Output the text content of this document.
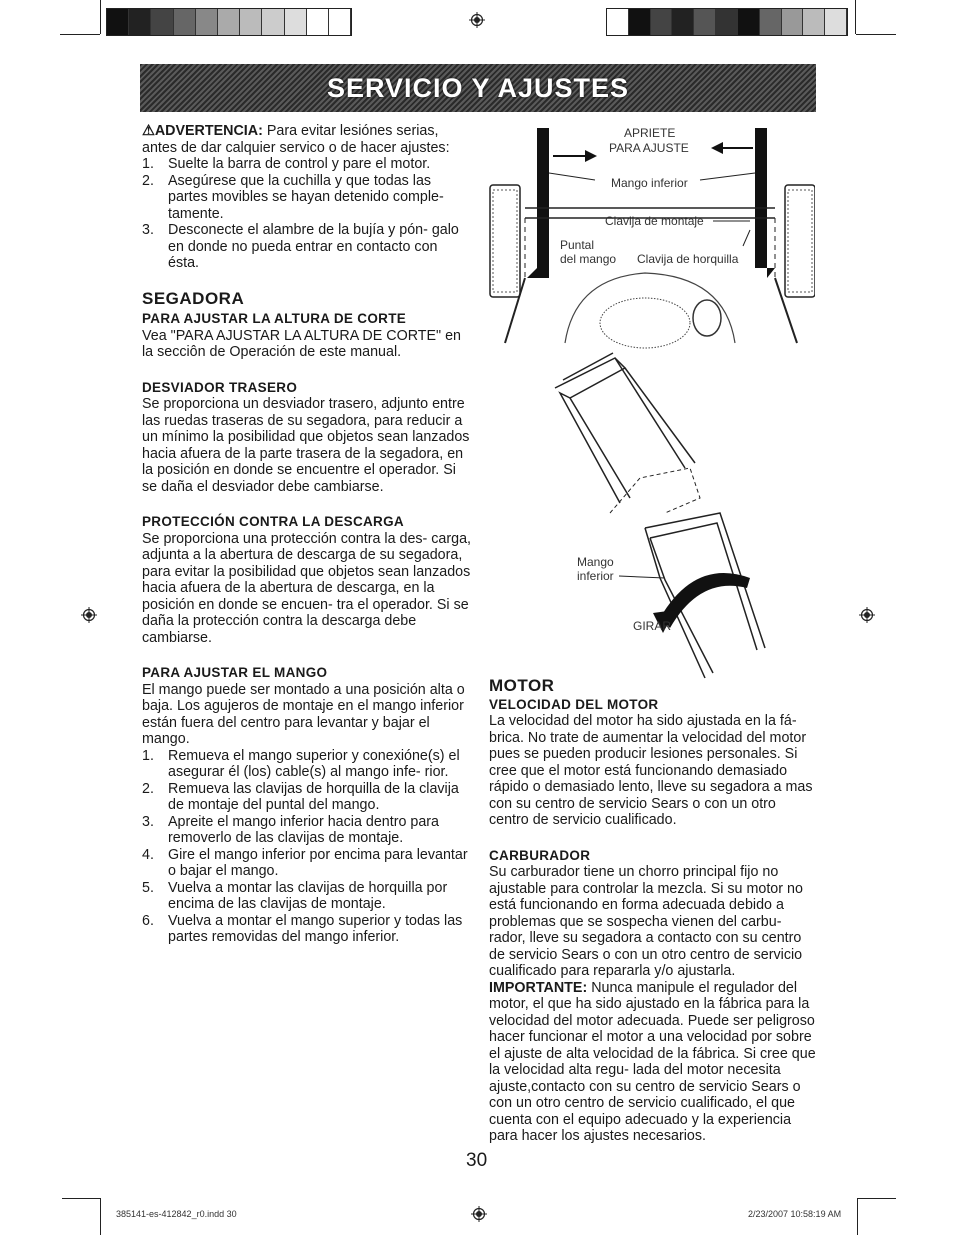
SERVICIO Y AJUSTES

⚠ADVERTENCIA: Para evitar lesiónes serias, antes de dar calquier servico o de hacer ajustes:

1. Suelte la barra de control y pare el motor.
2. Asegúrese que la cuchilla y que todas las partes movibles se hayan detenido comple- tamente.
3. Desconecte el alambre de la bujía y pón- galo en donde no pueda entrar en contacto con ésta.

SEGADORA

PARA AJUSTAR LA ALTURA DE CORTE

Vea "PARA AJUSTAR LA ALTURA DE CORTE" en la secciôn de Operación de este manual.

DESVIADOR TRASERO

Se proporciona un desviador trasero, adjunto entre las ruedas traseras de su segadora, para reducir a un mínimo la posibilidad que objetos sean lanzados hacia afuera de la parte trasera de la segadora, en la posición en donde se encuentre el operador. Si se daña el desviador debe cambiarse.

PROTECCIÓN CONTRA LA DESCARGA

Se proporciona una protección contra la des- carga, adjunta a la abertura de descarga de su segadora, para evitar la posibilidad que objetos sean lanzados hacia afuera de la abertura de descarga, en la posición en donde se encuen- tra el operador. Si se daña la protección contra la descarga debe cambiarse.

PARA AJUSTAR EL MANGO

El mango puede ser montado a una posición alta o baja. Los agujeros de montaje en el mango inferior están fuera del centro para levantar y bajar el mango.

1. Remueva el mango superior y conexióne(s) el asegurar él (los) cable(s) al mango infe- rior.
2. Remueva las clavijas de horquilla de la clavija de montaje del puntal del mango.
3. Apreite el mango inferior hacia dentro para removerlo de las clavijas de montaje.
4. Gire el mango inferior por encima para levantar o bajar el mango.
5. Vuelva a montar las clavijas de horquilla por encima de las clavijas de montaje.
6. Vuelva a montar el mango superior y todas las partes removidas del mango inferior.
APRIETE
PARA AJUSTE
Mango inferior
Clavija de montaje
Puntal
del mango Clavija de horquilla
Mango
inferior
GIRAR

MOTOR

VELOCIDAD DEL MOTOR

La velocidad del motor ha sido ajustada en la fá- brica. No trate de aumentar la velocidad del motor pues se pueden producir lesiones personales. Si cree que el motor está funcionando demasiado rápido o demasiado lento, lleve su segadora a mas con su centro de servicio Sears o con un otro centro de servicio cualificado.

CARBURADOR

Su carburador tiene un chorro principal fijo no ajustable para controlar la mezcla. Si su motor no está funcionando en forma adecuada debido a problemas que se sospecha vienen del carbu- rador, lleve su segadora a contacto con su centro de servicio Sears o con un otro centro de servicio cualificado para repararla y/o ajustarla.

IMPORTANTE: Nunca manipule el regulador del motor, el que ha sido ajustado en la fábrica para la velocidad del motor adecuada. Puede ser peligroso hacer funcionar el motor a una velocidad por sobre el ajuste de alta velocidad de la fábrica. Si cree que la velocidad alta regu- lada del motor necesita ajuste,contacto con su centro de servicio Sears o con un otro centro de servicio cualificado, el que cuenta con el equipo adecuado y la experiencia para hacer los ajustes necesarios.

30
385141-es-412842_r0.indd 30	2/23/2007 10:58:19 AM
